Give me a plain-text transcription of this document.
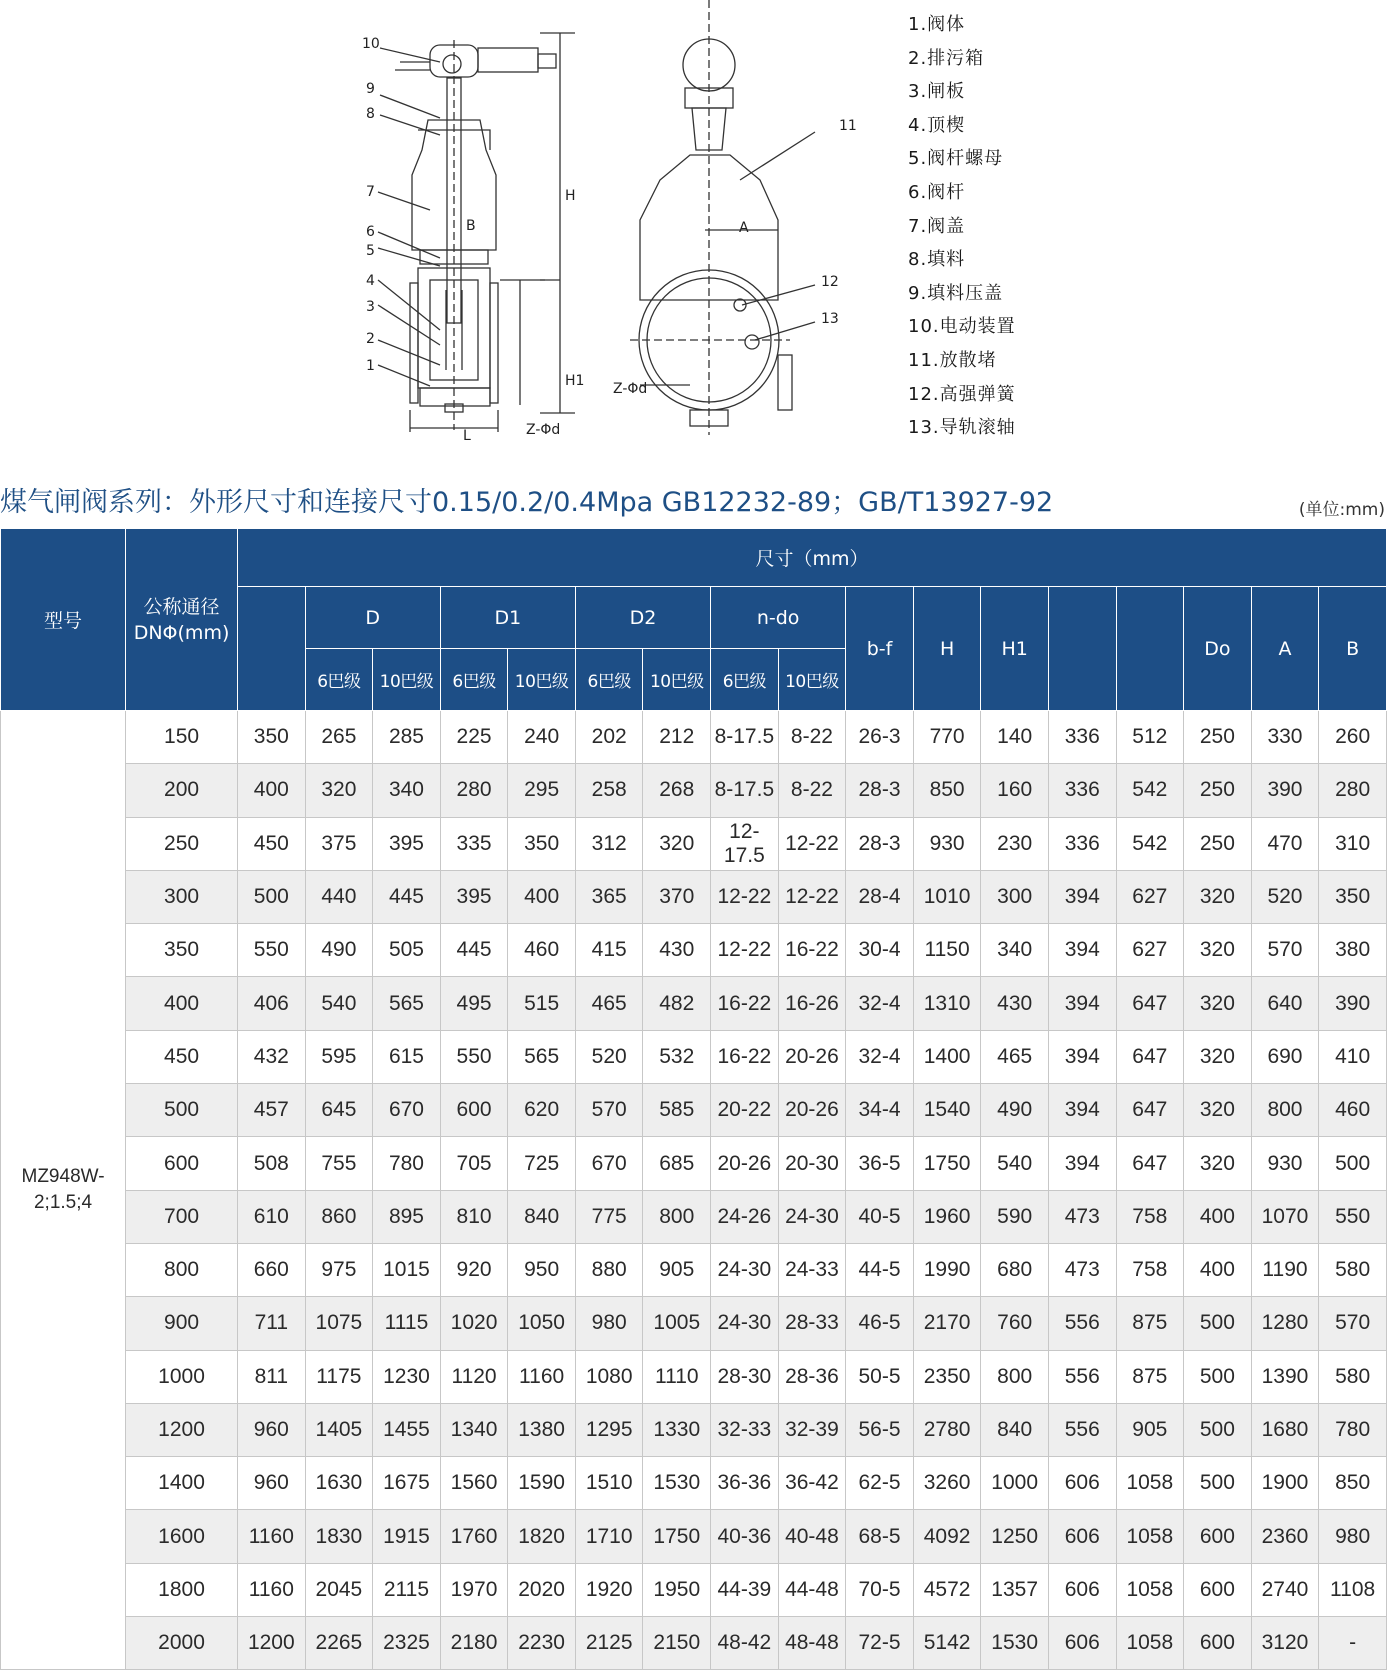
10
9
8
7
6
5
4
3
2
1
11
12
13
H
H1
L
B	A
Z-Φd
Z-Φd
1.阀体
2.排污箱
3.闸板
4.顶楔
5.阀杆螺母
6.阀杆
7.阀盖
8.填料
9.填料压盖
10.电动装置
11.放散堵
12.高强弹簧
13.导轨滚轴
煤气闸阀系列：外形尺寸和连接尺寸0.15/0.2/0.4Mpa GB12232-89；GB/T13927-92	(单位:mm)
型号	公称通径
DNΦ(mm)	尺寸（mm）																
			D		D1		D2		n-do		b-f	H	H1			Do	A	B
			6巴级	10巴级	6巴级	10巴级	6巴级	10巴级	6巴级	10巴级								
MZ948W-
2;1.5;4	150	350	265	285	225	240	202	212	8-17.5	8-22	26-3	770	140	336	512	250	330	260
	200	400	320	340	280	295	258	268	8-17.5	8-22	28-3	850	160	336	542	250	390	280
	250	450	375	395	335	350	312	320	12-17.5	12-22	28-3	930	230	336	542	250	470	310
	300	500	440	445	395	400	365	370	12-22	12-22	28-4	1010	300	394	627	320	520	350
	350	550	490	505	445	460	415	430	12-22	16-22	30-4	1150	340	394	627	320	570	380
	400	406	540	565	495	515	465	482	16-22	16-26	32-4	1310	430	394	647	320	640	390
	450	432	595	615	550	565	520	532	16-22	20-26	32-4	1400	465	394	647	320	690	410
	500	457	645	670	600	620	570	585	20-22	20-26	34-4	1540	490	394	647	320	800	460
	600	508	755	780	705	725	670	685	20-26	20-30	36-5	1750	540	394	647	320	930	500
	700	610	860	895	810	840	775	800	24-26	24-30	40-5	1960	590	473	758	400	1070	550
	800	660	975	1015	920	950	880	905	24-30	24-33	44-5	1990	680	473	758	400	1190	580
	900	711	1075	1115	1020	1050	980	1005	24-30	28-33	46-5	2170	760	556	875	500	1280	570
	1000	811	1175	1230	1120	1160	1080	1110	28-30	28-36	50-5	2350	800	556	875	500	1390	580
	1200	960	1405	1455	1340	1380	1295	1330	32-33	32-39	56-5	2780	840	556	905	500	1680	780
	1400	960	1630	1675	1560	1590	1510	1530	36-36	36-42	62-5	3260	1000	606	1058	500	1900	850
	1600	1160	1830	1915	1760	1820	1710	1750	40-36	40-48	68-5	4092	1250	606	1058	600	2360	980
	1800	1160	2045	2115	1970	2020	1920	1950	44-39	44-48	70-5	4572	1357	606	1058	600	2740	1108
	2000	1200	2265	2325	2180	2230	2125	2150	48-42	48-48	72-5	5142	1530	606	1058	600	3120	-
